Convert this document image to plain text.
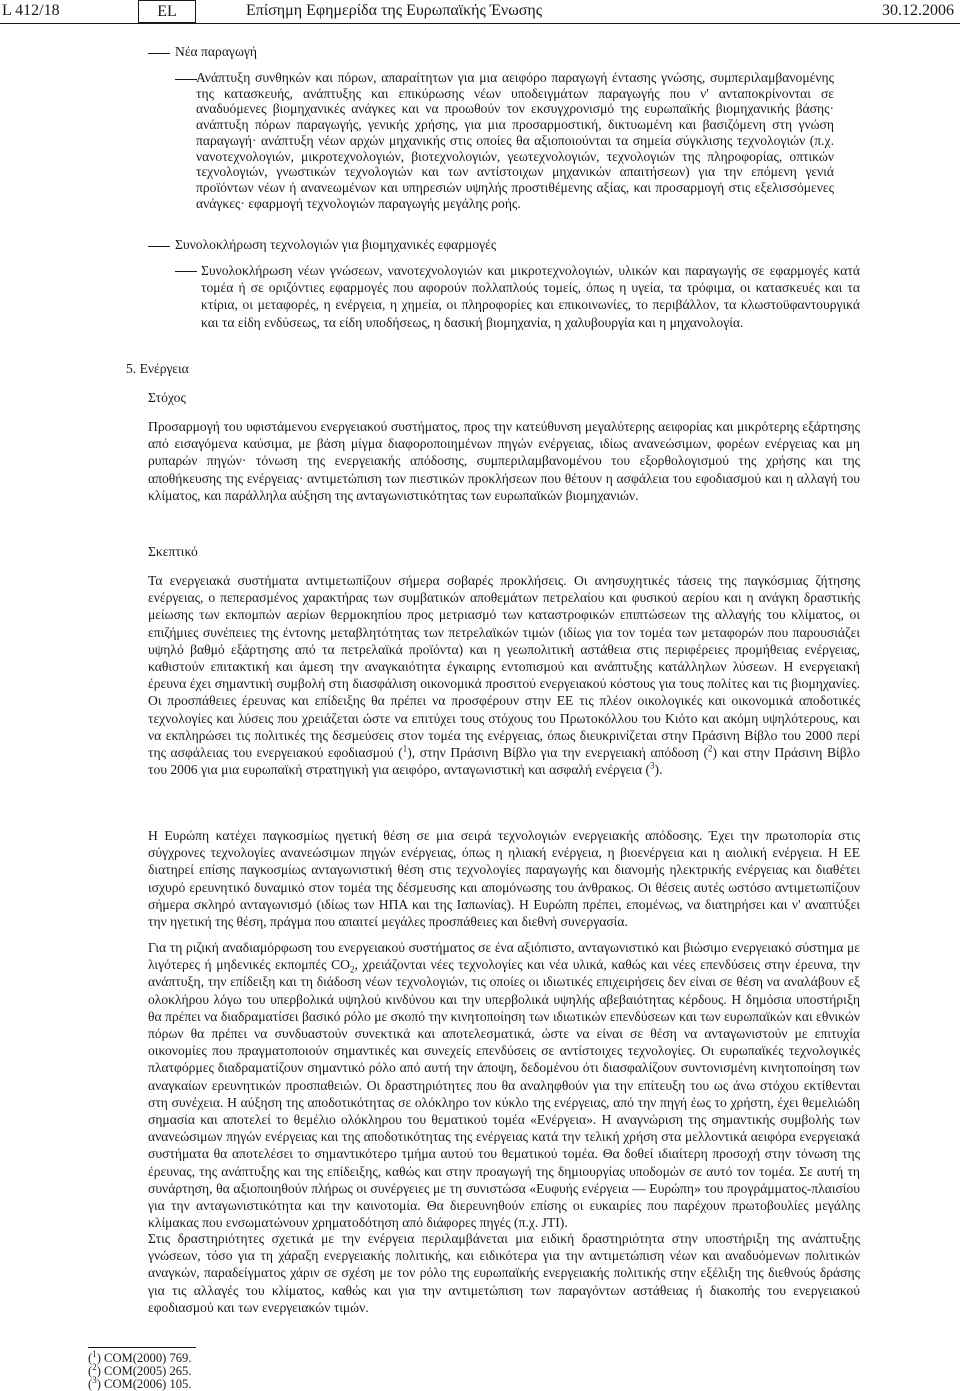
L 412/18	EL	Επίσημη Εφημερίδα της Ευρωπαϊκής Ένωσης	30.12.2006
Νέα παραγωγή

Ανάπτυξη συνθηκών και πόρων, απαραίτητων για μια αειφόρο παραγωγή έντασης γνώσης, συμπεριλαμβανομένης της κατασκευής, ανάπτυξης και επικύρωσης νέων υποδειγμάτων παραγωγής που ν' ανταποκρίνονται σε αναδυόμενες βιομηχανικές ανάγκες και να προωθούν τον εκσυγχρονισμό της ευρωπαϊκής βιομηχανικής βάσης· ανάπτυξη πόρων παραγωγής, γενικής χρήσης, για μια προσαρμοστική, δικτυωμένη και βασιζόμενη στη γνώση παραγωγή· ανάπτυξη νέων αρχών μηχανικής στις οποίες θα αξιοποιούνται τα σημεία σύγκλισης τεχνολογιών (π.χ. νανοτεχνολογιών, μικροτεχνολογιών, βιοτεχνολογιών, γεωτεχνολογιών, τεχνολογιών της πληροφορίας, οπτικών τεχνολογιών, γνωστικών τεχνολογιών και των αντίστοιχων μηχανικών απαιτήσεων) για την επόμενη γενιά προϊόντων νέων ή ανανεωμένων και υπηρεσιών υψηλής προστιθέμενης αξίας, και προσαρμογή στις εξελισσόμενες ανάγκες· εφαρμογή τεχνολογιών παραγωγής μεγάλης ροής.

Συνολοκλήρωση τεχνολογιών για βιομηχανικές εφαρμογές

Συνολοκλήρωση νέων γνώσεων, νανοτεχνολογιών και μικροτεχνολογιών, υλικών και παραγωγής σε εφαρμογές κατά τομέα ή σε οριζόντιες εφαρμογές που αφορούν πολλαπλούς τομείς, όπως η υγεία, τα τρόφιμα, οι κατασκευές και τα κτίρια, οι μεταφορές, η ενέργεια, η χημεία, οι πληροφορίες και επικοινωνίες, το περιβάλλον, τα κλωστοϋφαντουργικά και τα είδη ενδύσεως, τα είδη υποδήσεως, η δασική βιομηχανία, η χαλυβουργία και η μηχανολογία.

5. Ενέργεια
Στόχος

Προσαρμογή του υφιστάμενου ενεργειακού συστήματος, προς την κατεύθυνση μεγαλύτερης αειφορίας και μικρότερης εξάρτησης από εισαγόμενα καύσιμα, με βάση μίγμα διαφοροποιημένων πηγών ενέργειας, ιδίως ανανεώσιμων, φορέων ενέργειας και μη ρυπαρών πηγών· τόνωση της ενεργειακής απόδοσης, συμπεριλαμβανομένου του εξορθολογισμού της χρήσης και της αποθήκευσης της ενέργειας· αντιμετώπιση των πιεστικών προκλήσεων που θέτουν η ασφάλεια του εφοδιασμού και η αλλαγή του κλίματος, και παράλληλα αύξηση της ανταγωνιστικότητας των ευρωπαϊκών βιομηχανιών.

Σκεπτικό

Τα ενεργειακά συστήματα αντιμετωπίζουν σήμερα σοβαρές προκλήσεις. Οι ανησυχητικές τάσεις της παγκόσμιας ζήτησης ενέργειας, ο πεπερασμένος χαρακτήρας των συμβατικών αποθεμάτων πετρελαίου και φυσικού αερίου και η ανάγκη δραστικής μείωσης των εκπομπών αερίων θερμοκηπίου προς μετριασμό των καταστροφικών επιπτώσεων της αλλαγής του κλίματος, οι επιζήμιες συνέπειες της έντονης μεταβλητότητας των πετρελαϊκών τιμών (ιδίως για τον τομέα των μεταφορών που παρουσιάζει υψηλό βαθμό εξάρτησης από τα πετρελαϊκά προϊόντα) και η γεωπολιτική αστάθεια στις περιφέρειες προμήθειας ενέργειας, καθιστούν επιτακτική και άμεση την αναγκαιότητα έγκαιρης εντοπισμού και ανάπτυξης κατάλληλων λύσεων. Η ενεργειακή έρευνα έχει σημαντική συμβολή στη διασφάλιση οικονομικά προσιτού ενεργειακού κόστους για τους πολίτες και τις βιομηχανίες. Οι προσπάθειες έρευνας και επίδειξης θα πρέπει να προσφέρουν στην ΕΕ τις πλέον οικολογικές και οικονομικά αποδοτικές τεχνολογίες και λύσεις που χρειάζεται ώστε να επιτύχει τους στόχους του Πρωτοκόλλου του Κιότο και ακόμη υψηλότερους, και να εκπληρώσει τις πολιτικές της δεσμεύσεις στον τομέα της ενέργειας, όπως διευκρινίζεται στην Πράσινη Βίβλο του 2000 περί της ασφάλειας του ενεργειακού εφοδιασμού ($^1$), στην Πράσινη Βίβλο για την ενεργειακή απόδοση ($^2$) και στην Πράσινη Βίβλο του 2006 για μια ευρωπαϊκή στρατηγική για αειφόρο, ανταγωνιστική και ασφαλή ενέργεια ($^3$).

Η Ευρώπη κατέχει παγκοσμίως ηγετική θέση σε μια σειρά τεχνολογιών ενεργειακής απόδοσης. Έχει την πρωτοπορία στις σύγχρονες τεχνολογίες ανανεώσιμων πηγών ενέργειας, όπως η ηλιακή ενέργεια, η βιοενέργεια και η αιολική ενέργεια. Η ΕΕ διατηρεί επίσης παγκοσμίως ανταγωνιστική θέση στις τεχνολογίες παραγωγής και διανομής ηλεκτρικής ενέργειας και διαθέτει ισχυρό ερευνητικό δυναμικό στον τομέα της δέσμευσης και απομόνωσης του άνθρακος. Οι θέσεις αυτές ωστόσο αντιμετωπίζουν σήμερα σκληρό ανταγωνισμό (ιδίως των ΗΠΑ και της Ιαπωνίας). Η Ευρώπη πρέπει, επομένως, να διατηρήσει και ν' αναπτύξει την ηγετική της θέση, πράγμα που απαιτεί μεγάλες προσπάθειες και διεθνή συνεργασία.

Για τη ριζική αναδιαμόρφωση του ενεργειακού συστήματος σε ένα αξιόπιστο, ανταγωνιστικό και βιώσιμο ενεργειακό σύστημα με λιγότερες ή μηδενικές εκπομπές $CO_2$, χρειάζονται νέες τεχνολογίες και νέα υλικά, καθώς και νέες επενδύσεις στην έρευνα, την ανάπτυξη, την επίδειξη και τη διάδοση νέων τεχνολογιών, τις οποίες οι ιδιωτικές επιχειρήσεις δεν είναι σε θέση να αναλάβουν εξ ολοκλήρου λόγω του υπερβολικά υψηλού κινδύνου και την υπερβολικά υψηλής αβεβαιότητας κέρδους. Η δημόσια υποστήριξη θα πρέπει να διαδραματίσει βασικό ρόλο με σκοπό την κινητοποίηση των ιδιωτικών επενδύσεων και των ευρωπαϊκών και εθνικών πόρων θα πρέπει να συνδυαστούν συνεκτικά και αποτελεσματικά, ώστε να είναι σε θέση να ανταγωνιστούν με επιτυχία οικονομίες που πραγματοποιούν σημαντικές και συνεχείς επενδύσεις σε αντίστοιχες τεχνολογίες. Οι ευρωπαϊκές τεχνολογικές πλατφόρμες διαδραματίζουν σημαντικό ρόλο από αυτή την άποψη, δεδομένου ότι διασφαλίζουν συντονισμένη κινητοποίηση των αναγκαίων ερευνητικών προσπαθειών. Οι δραστηριότητες που θα αναληφθούν για την επίτευξη του ως άνω στόχου εκτίθενται στη συνέχεια. Η αύξηση της αποδοτικότητας σε ολόκληρο τον κύκλο της ενέργειας, από την πηγή έως το χρήστη, έχει θεμελιώδη σημασία και αποτελεί το θεμέλιο ολόκληρου του θεματικού τομέα «Ενέργεια». Η αναγνώριση της σημαντικής συμβολής των ανανεώσιμων πηγών ενέργειας και της αποδοτικότητας της ενέργειας κατά την τελική χρήση στα μελλοντικά αειφόρα ενεργειακά συστήματα θα αποτελέσει το σημαντικότερο τμήμα αυτού του θεματικού τομέα. Θα δοθεί ιδιαίτερη προσοχή στην τόνωση της έρευνας, της ανάπτυξης και της επίδειξης, καθώς και στην προαγωγή της δημιουργίας υποδομών σε αυτό τον τομέα. Σε αυτή τη συνάρτηση, θα αξιοποιηθούν πλήρως οι συνέργειες με τη συνιστώσα «Ευφυής ενέργεια — Ευρώπη» του προγράμματος-πλαισίου για την ανταγωνιστικότητα και την καινοτομία. Θα διερευνηθούν επίσης οι ευκαιρίες που παρέχουν πρωτοβουλίες μεγάλης κλίμακας που ενσωματώνουν χρηματοδότηση από διάφορες πηγές (π.χ. JTI).

Στις δραστηριότητες σχετικά με την ενέργεια περιλαμβάνεται μια ειδική δραστηριότητα στην υποστήριξη της ανάπτυξης γνώσεων, τόσο για τη χάραξη ενεργειακής πολιτικής, και ειδικότερα για την αντιμετώπιση νέων και αναδυόμενων πολιτικών αναγκών, παραδείγματος χάριν σε σχέση με τον ρόλο της ευρωπαϊκής ενεργειακής πολιτικής στην εξέλιξη της διεθνούς δράσης για τις αλλαγές του κλίματος, καθώς και για την αντιμετώπιση των παραγόντων αστάθειας ή διακοπής του ενεργειακού εφοδιασμού και των ενεργειακών τιμών.

($^1$) COM(2000) 769.
($^2$) COM(2005) 265.
($^3$) COM(2006) 105.
